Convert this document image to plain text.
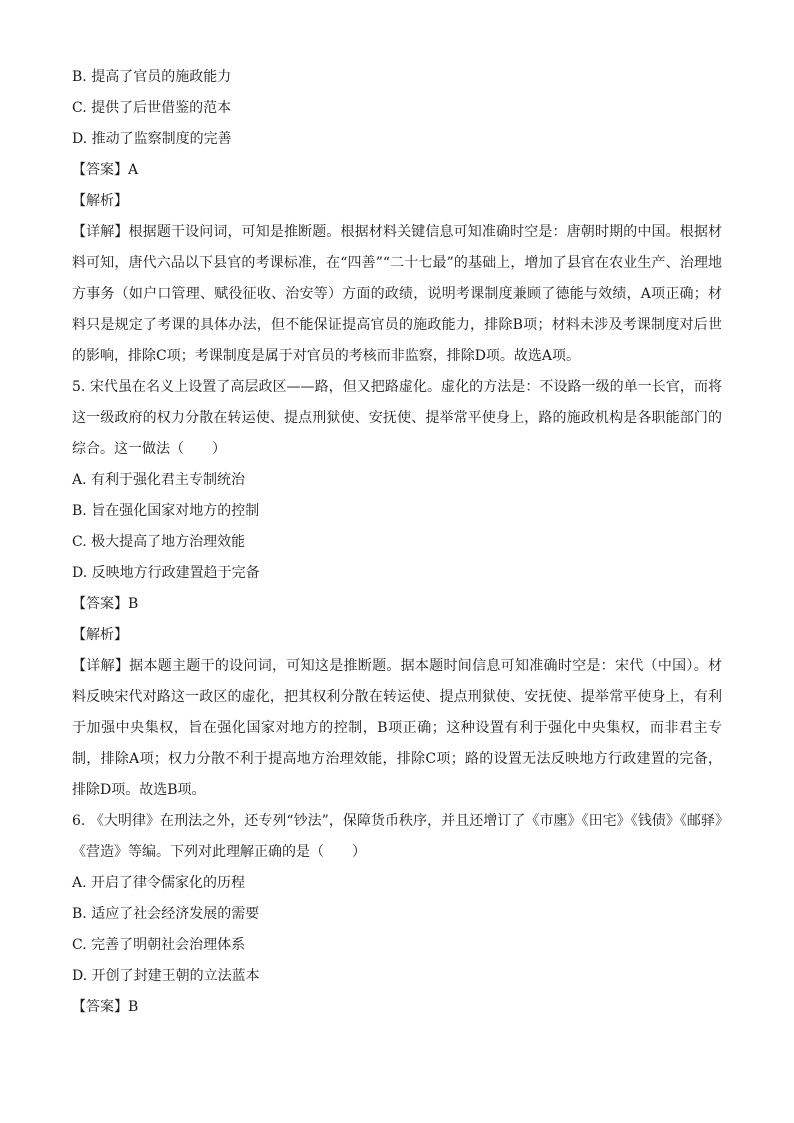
B. 提高了官员的施政能力
C. 提供了后世借鉴的范本
D. 推动了监察制度的完善
【答案】A
【解析】
【详解】根据题干设问词，可知是推断题。根据材料关键信息可知准确时空是：唐朝时期的中国。根据材料可知，唐代六品以下县官的考课标准，在“四善”“二十七最”的基础上，增加了县官在农业生产、治理地方事务（如户口管理、赋役征收、治安等）方面的政绩，说明考课制度兼顾了德能与效绩，A项正确；材料只是规定了考课的具体办法，但不能保证提高官员的施政能力，排除B项；材料未涉及考课制度对后世的影响，排除C项；考课制度是属于对官员的考核而非监察，排除D项。故选A项。
5. 宋代虽在名义上设置了高层政区——路，但又把路虚化。虚化的方法是：不设路一级的单一长官，而将这一级政府的权力分散在转运使、提点刑狱使、安抚使、提举常平使身上，路的施政机构是各职能部门的综合。这一做法（　　）
A. 有利于强化君主专制统治
B. 旨在强化国家对地方的控制
C. 极大提高了地方治理效能
D. 反映地方行政建置趋于完备
【答案】B
【解析】
【详解】据本题主题干的设问词，可知这是推断题。据本题时间信息可知准确时空是：宋代（中国）。材料反映宋代对路这一政区的虚化，把其权利分散在转运使、提点刑狱使、安抚使、提举常平使身上，有利于加强中央集权，旨在强化国家对地方的控制，B项正确；这种设置有利于强化中央集权，而非君主专制，排除A项；权力分散不利于提高地方治理效能，排除C项；路的设置无法反映地方行政建置的完备，排除D项。故选B项。
6. 《大明律》在刑法之外，还专列“钞法”，保障货币秩序，并且还增订了《市廛》《田宅》《钱债》《邮驿》《营造》等编。下列对此理解正确的是（　　）
A. 开启了律令儒家化的历程
B. 适应了社会经济发展的需要
C. 完善了明朝社会治理体系
D. 开创了封建王朝的立法蓝本
【答案】B
